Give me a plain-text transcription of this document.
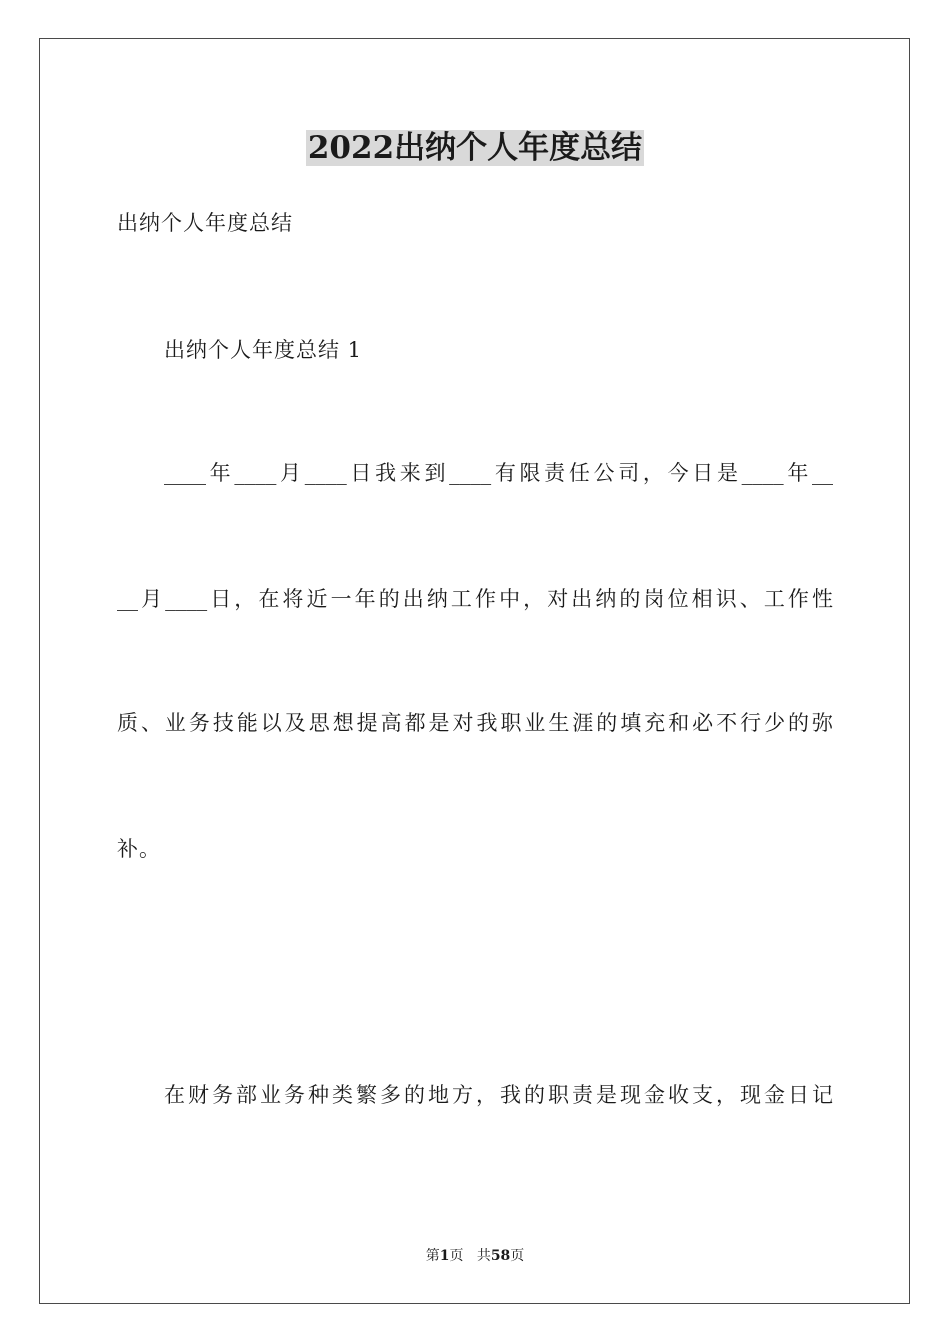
2022出纳个人年度总结
出纳个人年度总结
出纳个人年度总结 1
____年____月____日我来到____有限责任公司，今日是____年__
__月____日，在将近一年的出纳工作中，对出纳的岗位相识、工作性
质、业务技能以及思想提高都是对我职业生涯的填充和必不行少的弥
补。
在财务部业务种类繁多的地方，我的职责是现金收支，现金日记
第1页 共58页
